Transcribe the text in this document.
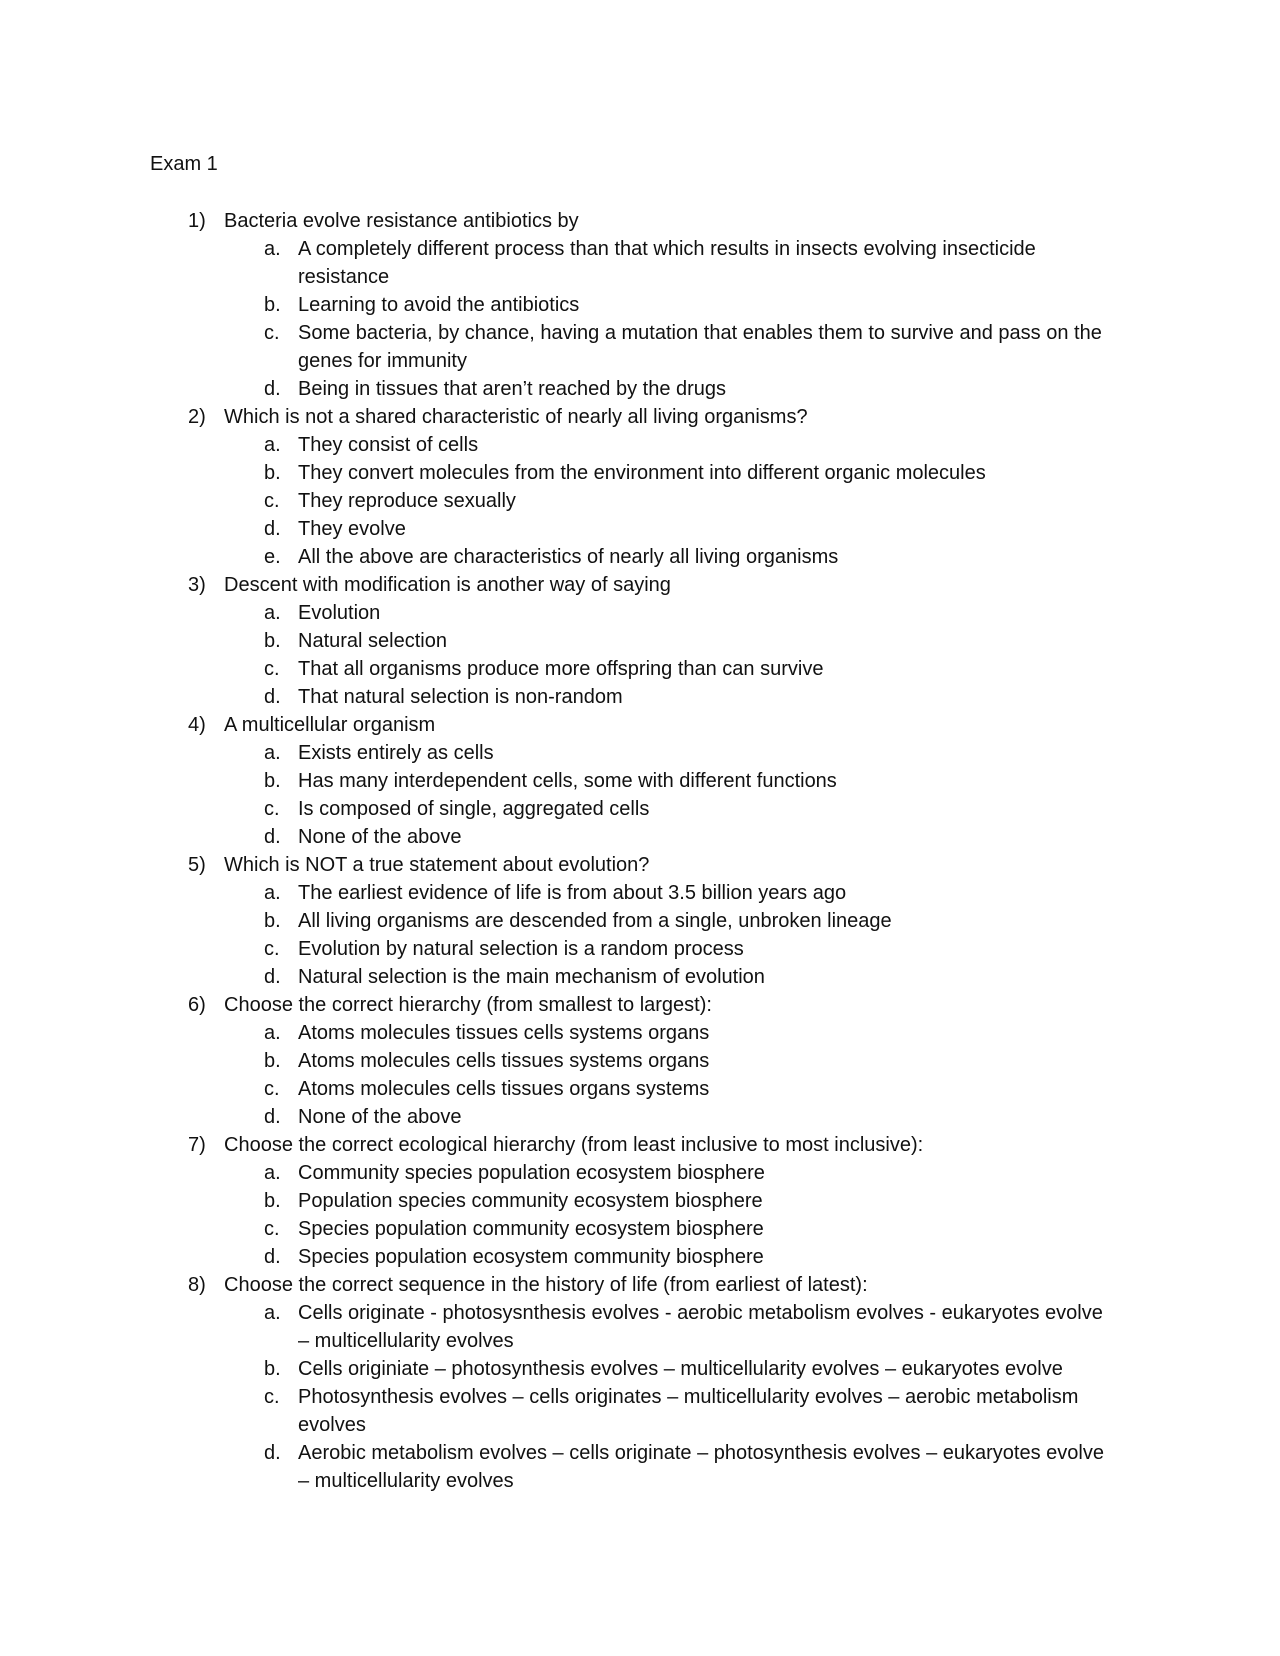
Exam 1
1) Bacteria evolve resistance antibiotics by
a. A completely different process than that which results in insects evolving insecticide resistance
b. Learning to avoid the antibiotics
c. Some bacteria, by chance, having a mutation that enables them to survive and pass on the genes for immunity
d. Being in tissues that aren’t reached by the drugs
2) Which is not a shared characteristic of nearly all living organisms?
a. They consist of cells
b. They convert molecules from the environment into different organic molecules
c. They reproduce sexually
d. They evolve
e. All the above are characteristics of nearly all living organisms
3) Descent with modification is another way of saying
a. Evolution
b. Natural selection
c. That all organisms produce more offspring than can survive
d. That natural selection is non-random
4) A multicellular organism
a. Exists entirely as cells
b. Has many interdependent cells, some with different functions
c. Is composed of single, aggregated cells
d. None of the above
5) Which is NOT a true statement about evolution?
a. The earliest evidence of life is from about 3.5 billion years ago
b. All living organisms are descended from a single, unbroken lineage
c. Evolution by natural selection is a random process
d. Natural selection is the main mechanism of evolution
6) Choose the correct hierarchy (from smallest to largest):
a. Atoms molecules tissues cells systems organs
b. Atoms molecules cells tissues systems organs
c. Atoms molecules cells tissues organs systems
d. None of the above
7) Choose the correct ecological hierarchy (from least inclusive to most inclusive):
a. Community species population ecosystem biosphere
b. Population species community ecosystem biosphere
c. Species population community ecosystem biosphere
d. Species population ecosystem community biosphere
8) Choose the correct sequence in the history of life (from earliest of latest):
a. Cells originate - photosysnthesis evolves - aerobic metabolism evolves - eukaryotes evolve – multicellularity evolves
b. Cells originiate – photosynthesis evolves – multicellularity evolves – eukaryotes evolve
c. Photosynthesis evolves – cells originates – multicellularity evolves – aerobic metabolism evolves
d. Aerobic metabolism evolves – cells originate – photosynthesis evolves – eukaryotes evolve – multicellularity evolves
